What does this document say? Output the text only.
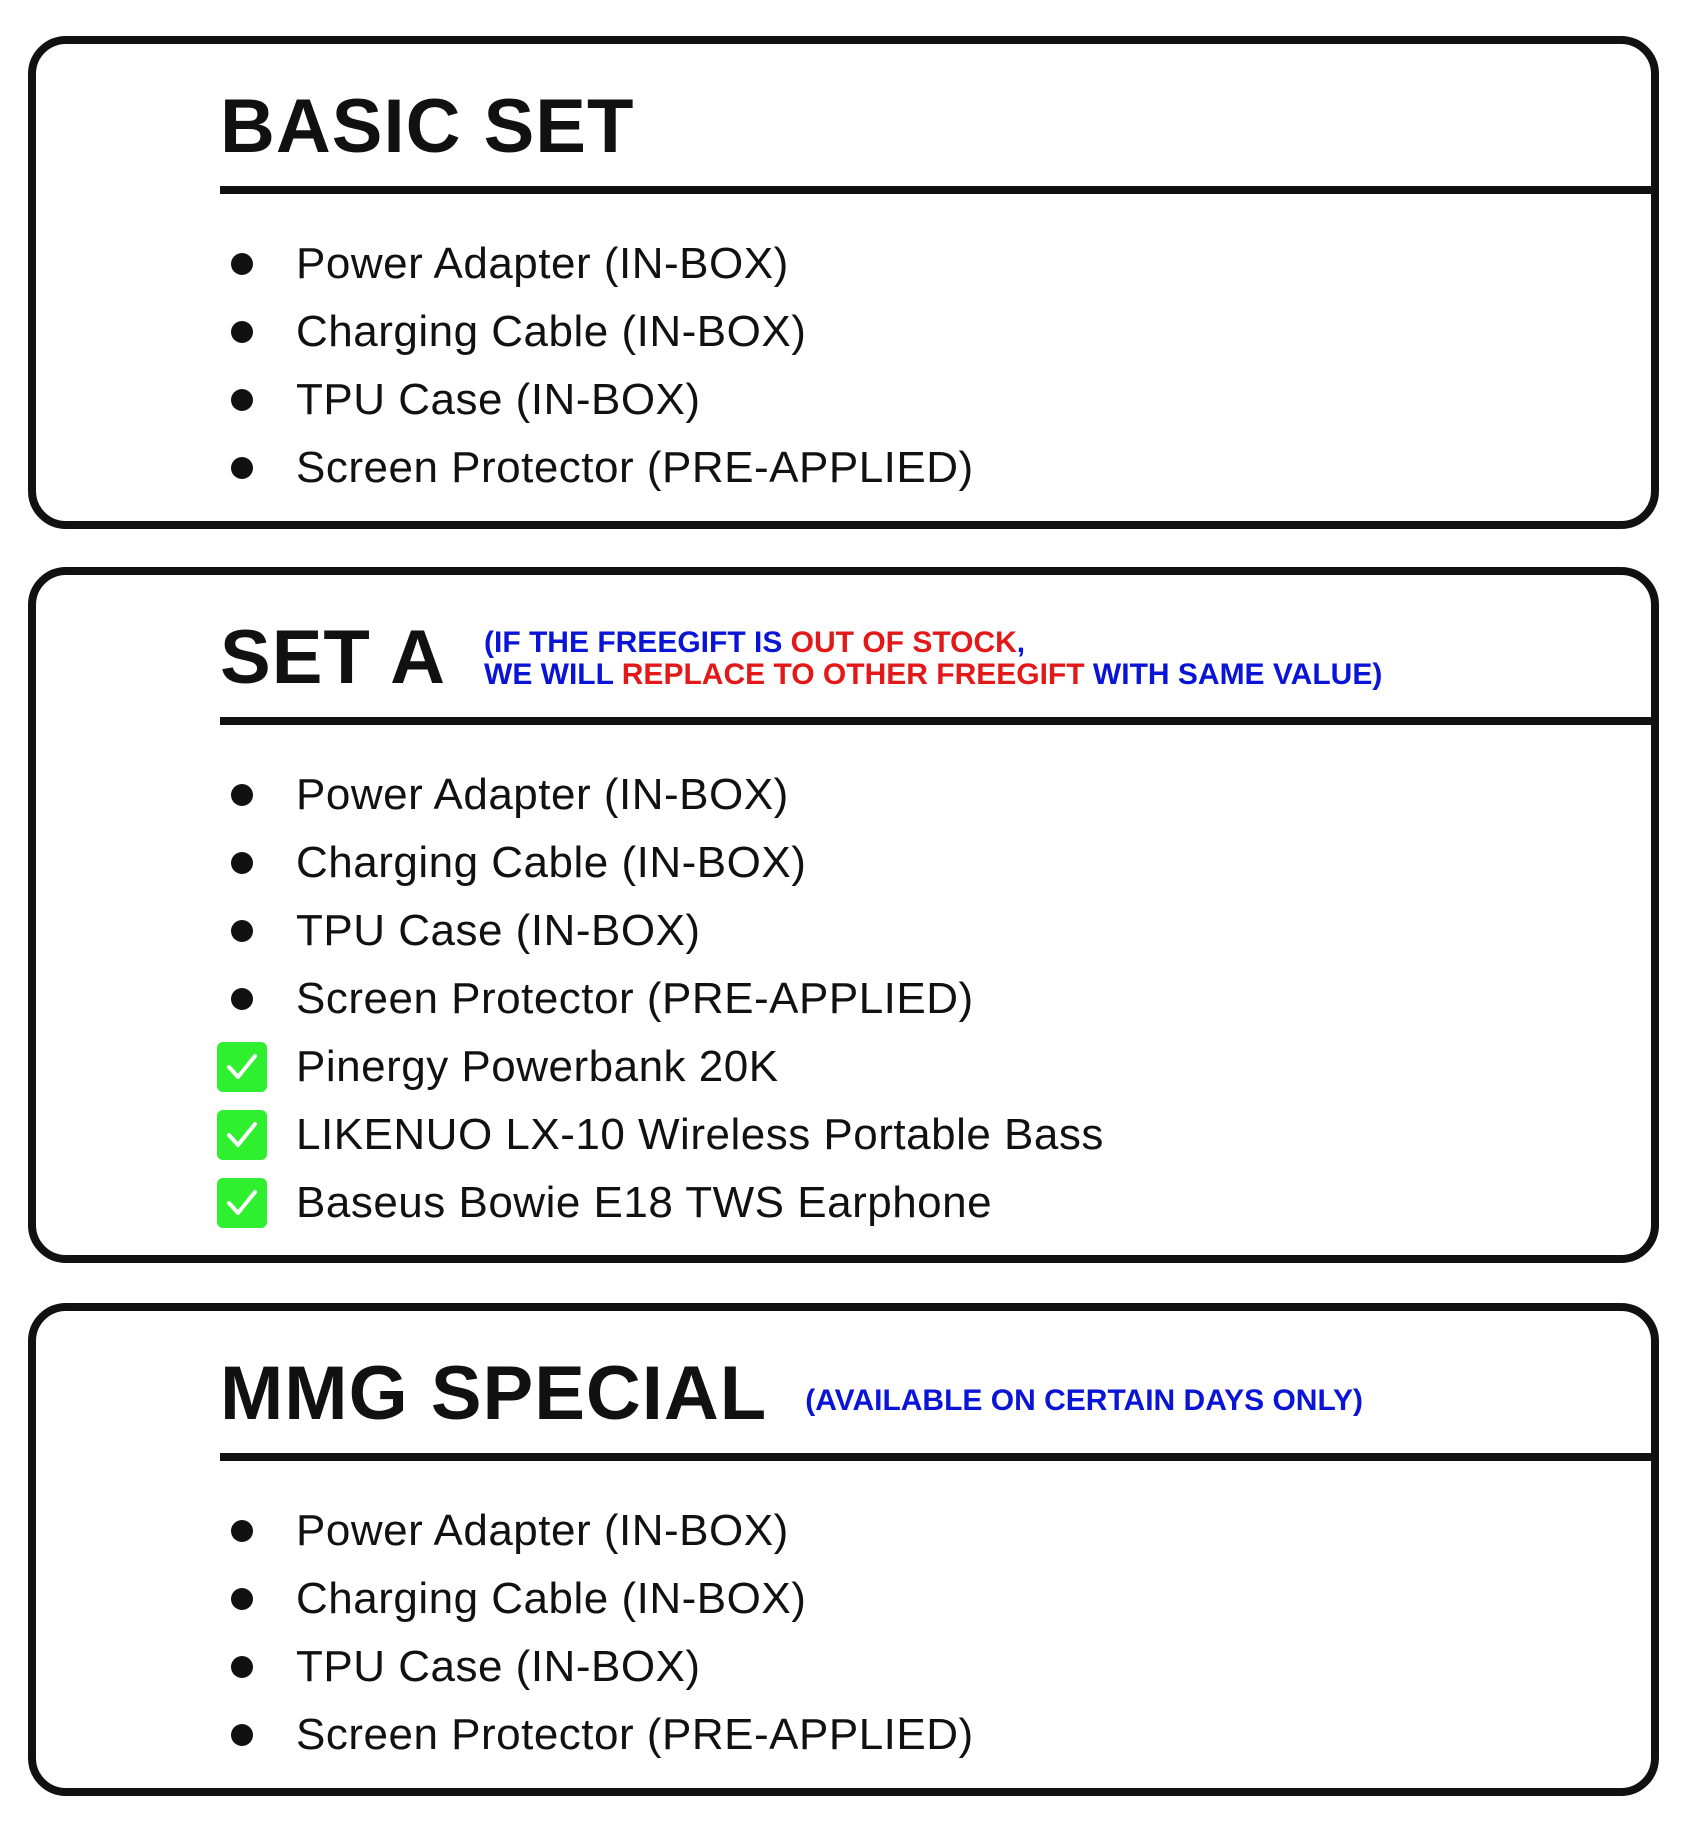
BASIC SET
Power Adapter (IN-BOX)
Charging Cable (IN-BOX)
TPU Case (IN-BOX)
Screen Protector (PRE-APPLIED)
SET A (IF THE FREEGIFT IS OUT OF STOCK,
WE WILL REPLACE TO OTHER FREEGIFT WITH SAME VALUE)
Power Adapter (IN-BOX)
Charging Cable (IN-BOX)
TPU Case (IN-BOX)
Screen Protector (PRE-APPLIED)
Pinergy Powerbank 20K
LIKENUO LX-10 Wireless Portable Bass
Baseus Bowie E18 TWS Earphone
MMG SPECIAL (AVAILABLE ON CERTAIN DAYS ONLY)
Power Adapter (IN-BOX)
Charging Cable (IN-BOX)
TPU Case (IN-BOX)
Screen Protector (PRE-APPLIED)
